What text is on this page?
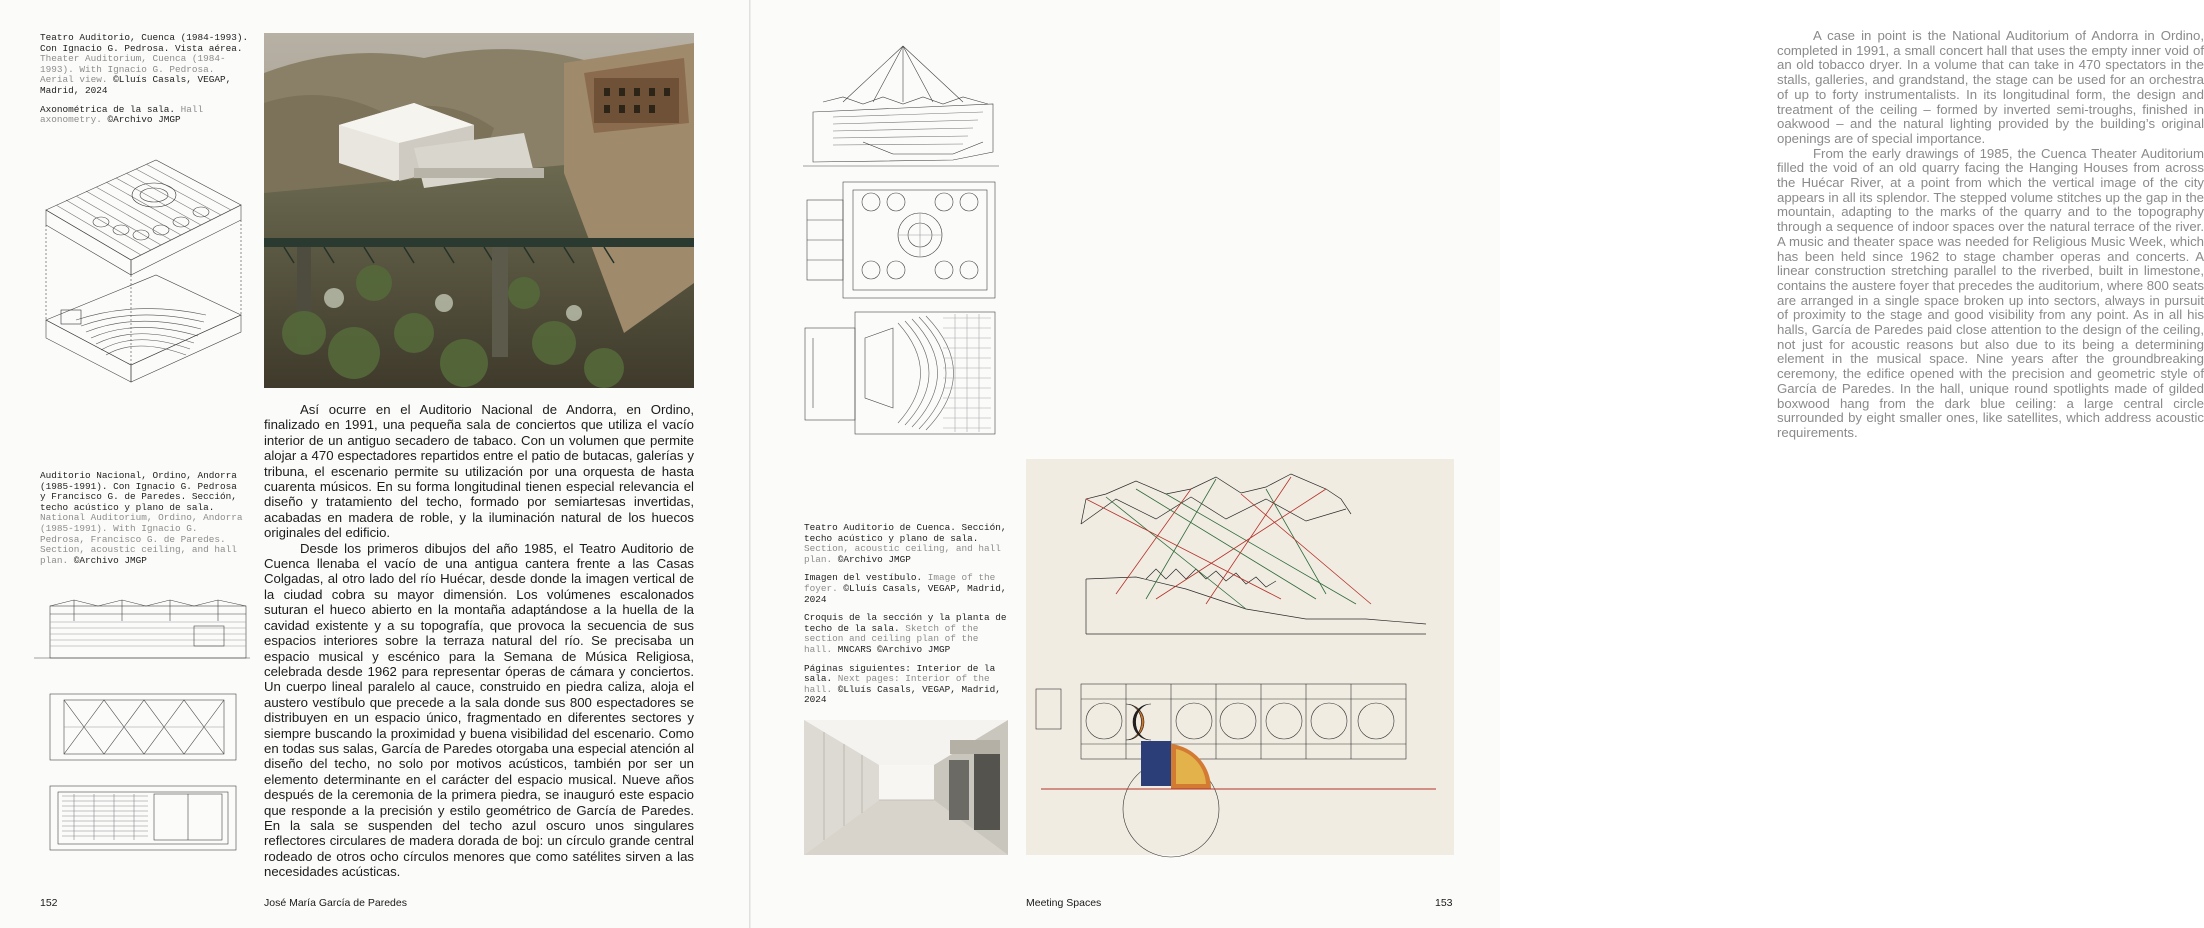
Teatro Auditorio, Cuenca (1984-1993). Con Ignacio G. Pedrosa. Vista aérea. Theater Auditorium, Cuenca (1984-1993). With Ignacio G. Pedrosa. Aerial view. ©Lluís Casals, VEGAP, Madrid, 2024

Axonométrica de la sala. Hall axonometry. ©Archivo JMGP

Auditorio Nacional, Ordino, Andorra (1985-1991). Con Ignacio G. Pedrosa y Francisco G. de Paredes. Sección, techo acústico y plano de sala. National Auditorium, Ordino, Andorra (1985-1991). With Ignacio G. Pedrosa, Francisco G. de Paredes. Section, acoustic ceiling, and hall plan. ©Archivo JMGP

Así ocurre en el Auditorio Nacional de Andorra, en Ordino, finalizado en 1991, una pequeña sala de conciertos que utiliza el vacío interior de un antiguo secadero de tabaco. Con un volumen que permite alojar a 470 espectadores repartidos entre el patio de butacas, galerías y tribuna, el escenario permite su utilización por una orquesta de hasta cuarenta músicos. En su forma longitudinal tienen especial relevancia el diseño y tratamiento del techo, formado por semiartesas invertidas, acabadas en madera de roble, y la iluminación natural de los huecos originales del edificio.

Desde los primeros dibujos del año 1985, el Teatro Auditorio de Cuenca llenaba el vacío de una antigua cantera frente a las Casas Colgadas, al otro lado del río Huécar, desde donde la imagen vertical de la ciudad cobra su mayor dimensión. Los volúmenes escalonados suturan el hueco abierto en la montaña adaptándose a la huella de la cavidad existente y a su topografía, que provoca la secuencia de sus espacios interiores sobre la terraza natural del río. Se precisaba un espacio musical y escénico para la Semana de Música Religiosa, celebrada desde 1962 para representar óperas de cámara y conciertos. Un cuerpo lineal paralelo al cauce, construido en piedra caliza, aloja el austero vestíbulo que precede a la sala donde sus 800 espectadores se distribuyen en un espacio único, fragmentado en diferentes sectores y siempre buscando la proximidad y buena visibilidad del escenario. Como en todas sus salas, García de Paredes otorgaba una especial atención al diseño del techo, no solo por motivos acústicos, también por ser un elemento determinante en el carácter del espacio musical. Nueve años después de la ceremonia de la primera piedra, se inauguró este espacio que responde a la precisión y estilo geométrico de García de Paredes. En la sala se suspenden del techo azul oscuro unos singulares reflectores circulares de madera dorada de boj: un círculo grande central rodeado de otros ocho círculos menores que como satélites sirven a las necesidades acústicas.

152	José María García de Paredes

A case in point is the National Auditorium of Andorra in Ordino, completed in 1991, a small concert hall that uses the empty inner void of an old tobacco dryer. In a volume that can take in 470 spectators in the stalls, galleries, and grandstand, the stage can be used for an orchestra of up to forty instrumentalists. In its longitudinal form, the design and treatment of the ceiling – formed by inverted semi-troughs, finished in oakwood – and the natural lighting provided by the building’s original openings are of special importance.

From the early drawings of 1985, the Cuenca Theater Auditorium filled the void of an old quarry facing the Hanging Houses from across the Huécar River, at a point from which the vertical image of the city appears in all its splendor. The stepped volume stitches up the gap in the mountain, adapting to the marks of the quarry and to the topography through a sequence of indoor spaces over the natural terrace of the river. A music and theater space was needed for Religious Music Week, which has been held since 1962 to stage chamber operas and concerts. A linear construction stretching parallel to the riverbed, built in limestone, contains the austere foyer that precedes the auditorium, where 800 seats are arranged in a single space broken up into sectors, always in pursuit of proximity to the stage and good visibility from any point. As in all his halls, García de Paredes paid close attention to the design of the ceiling, not just for acoustic reasons but also due to its being a determining element in the musical space. Nine years after the groundbreaking ceremony, the edifice opened with the precision and geometric style of García de Paredes. In the hall, unique round spotlights made of gilded boxwood hang from the dark blue ceiling: a large central circle surrounded by eight smaller ones, like satellites, which address acoustic requirements.

Teatro Auditorio de Cuenca. Sección, techo acústico y plano de sala. Section, acoustic ceiling, and hall plan. ©Archivo JMGP

Imagen del vestíbulo. Image of the foyer. ©Lluís Casals, VEGAP, Madrid, 2024

Croquis de la sección y la planta de techo de la sala. Sketch of the section and ceiling plan of the hall. MNCARS ©Archivo JMGP

Páginas siguientes: Interior de la sala. Next pages: Interior of the hall. ©Lluís Casals, VEGAP, Madrid, 2024

Meeting Spaces	153
